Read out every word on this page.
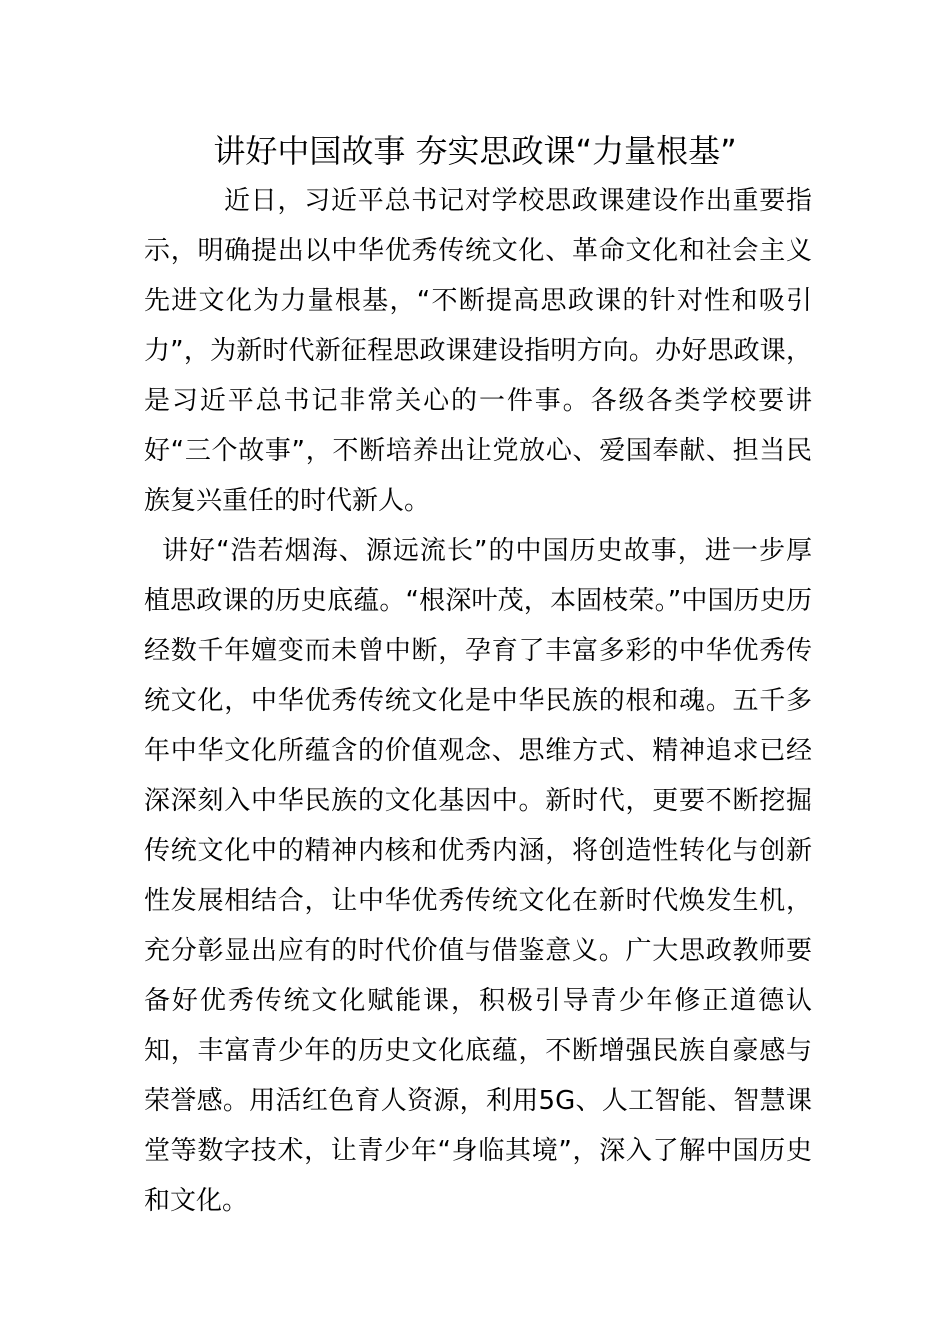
讲好中国故事 夯实思政课“力量根基”

近日，习近平总书记对学校思政课建设作出重要指示，明确提出以中华优秀传统文化、革命文化和社会主义先进文化为力量根基，“不断提高思政课的针对性和吸引力”，为新时代新征程思政课建设指明方向。办好思政课，是习近平总书记非常关心的一件事。各级各类学校要讲好“三个故事”，不断培养出让党放心、爱国奉献、担当民族复兴重任的时代新人。

讲好“浩若烟海、源远流长”的中国历史故事，进一步厚植思政课的历史底蕴。“根深叶茂，本固枝荣。”中国历史历经数千年嬗变而未曾中断，孕育了丰富多彩的中华优秀传统文化，中华优秀传统文化是中华民族的根和魂。五千多年中华文化所蕴含的价值观念、思维方式、精神追求已经深深刻入中华民族的文化基因中。新时代，更要不断挖掘传统文化中的精神内核和优秀内涵，将创造性转化与创新性发展相结合，让中华优秀传统文化在新时代焕发生机，充分彰显出应有的时代价值与借鉴意义。广大思政教师要备好优秀传统文化赋能课，积极引导青少年修正道德认知，丰富青少年的历史文化底蕴，不断增强民族自豪感与荣誉感。用活红色育人资源，利用5G、人工智能、智慧课堂等数字技术，让青少年“身临其境”，深入了解中国历史和文化。
